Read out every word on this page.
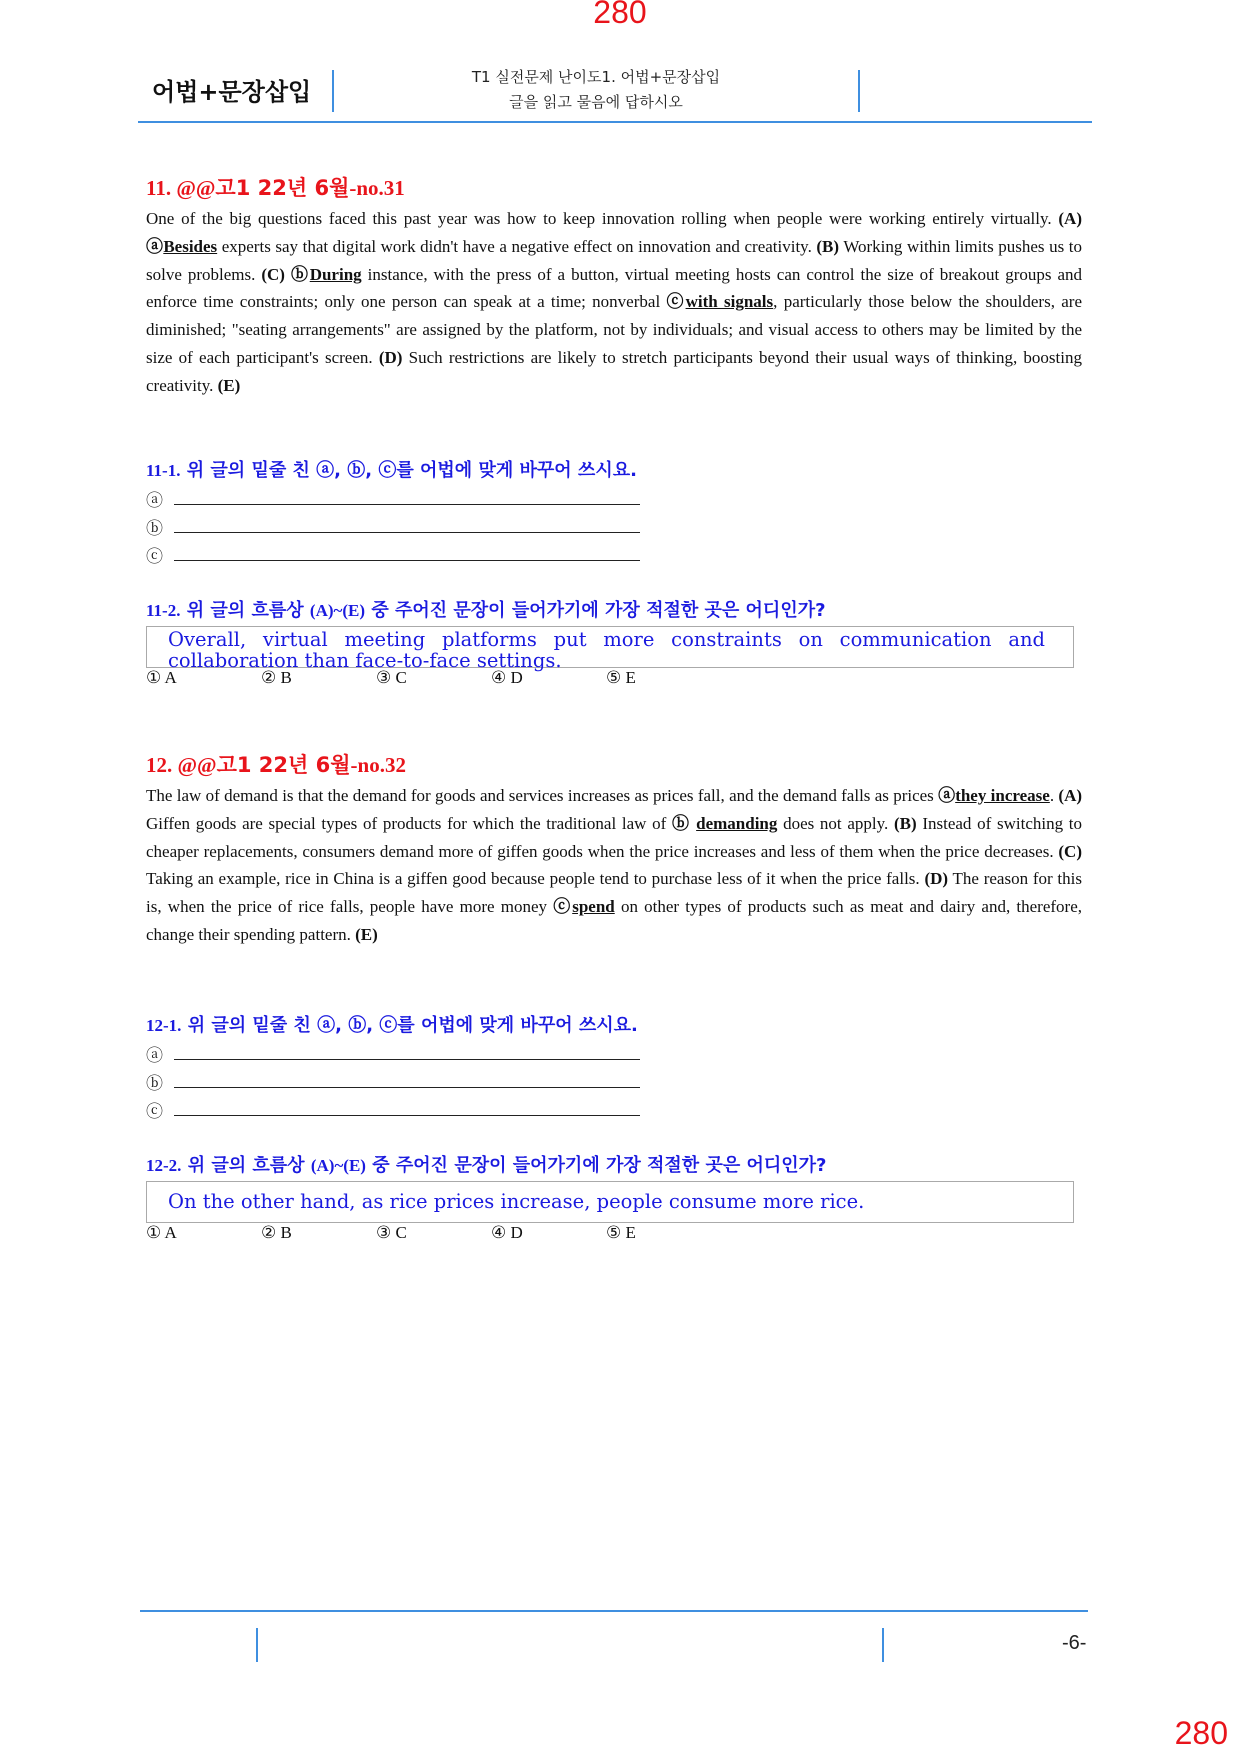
280
어법+문장삽입
T1 실전문제 난이도1. 어법+문장삽입
글을 읽고 물음에 답하시오
11. @@고1 22년 6월-no.31
One of the big questions faced this past year was how to keep innovation rolling when people were working entirely virtually. (A) ⓐBesides experts say that digital work didn't have a negative effect on innovation and creativity. (B) Working within limits pushes us to solve problems. (C) ⓑDuring instance, with the press of a button, virtual meeting hosts can control the size of breakout groups and enforce time constraints; only one person can speak at a time; nonverbal ⓒwith signals, particularly those below the shoulders, are diminished; "seating arrangements" are assigned by the platform, not by individuals; and visual access to others may be limited by the size of each participant's screen. (D) Such restrictions are likely to stretch participants beyond their usual ways of thinking, boosting creativity. (E)
11-1. 위 글의 밑줄 친 ⓐ, ⓑ, ⓒ를 어법에 맞게 바꾸어 쓰시요.
ⓐ
ⓑ
ⓒ
11-2. 위 글의 흐름상 (A)~(E) 중 주어진 문장이 들어가기에 가장 적절한 곳은 어디인가?
Overall, virtual meeting platforms put more constraints on communication and collaboration than face-to-face settings.
① A	② B	③ C	④ D	⑤ E
12. @@고1 22년 6월-no.32
The law of demand is that the demand for goods and services increases as prices fall, and the demand falls as prices ⓐthey increase. (A) Giffen goods are special types of products for which the traditional law of ⓑ demanding does not apply. (B) Instead of switching to cheaper replacements, consumers demand more of giffen goods when the price increases and less of them when the price decreases. (C) Taking an example, rice in China is a giffen good because people tend to purchase less of it when the price falls. (D) The reason for this is, when the price of rice falls, people have more money ⓒspend on other types of products such as meat and dairy and, therefore, change their spending pattern. (E)
12-1. 위 글의 밑줄 친 ⓐ, ⓑ, ⓒ를 어법에 맞게 바꾸어 쓰시요.
ⓐ
ⓑ
ⓒ
12-2. 위 글의 흐름상 (A)~(E) 중 주어진 문장이 들어가기에 가장 적절한 곳은 어디인가?
On the other hand, as rice prices increase, people consume more rice.
① A	② B	③ C	④ D	⑤ E
-6-
280
